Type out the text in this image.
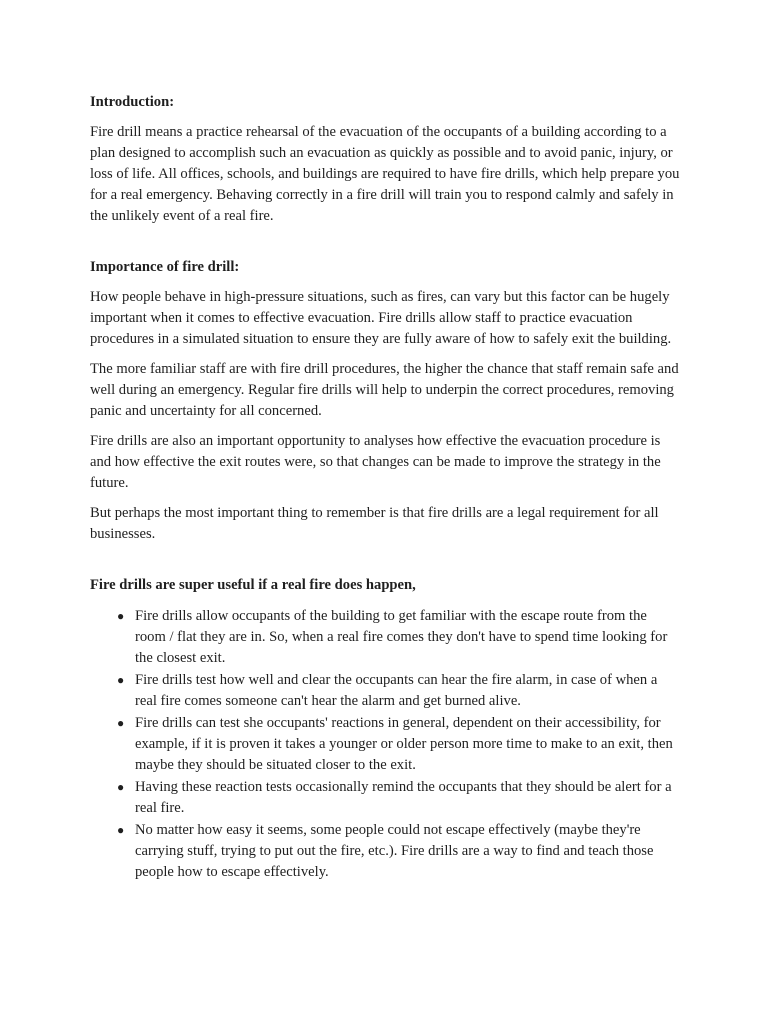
Introduction:

Fire drill means a practice rehearsal of the evacuation of the occupants of a building according to a plan designed to accomplish such an evacuation as quickly as possible and to avoid panic, injury, or loss of life. All offices, schools, and buildings are required to have fire drills, which help prepare you for a real emergency. Behaving correctly in a fire drill will train you to respond calmly and safely in the unlikely event of a real fire.

Importance of fire drill:

How people behave in high-pressure situations, such as fires, can vary but this factor can be hugely important when it comes to effective evacuation. Fire drills allow staff to practice evacuation procedures in a simulated situation to ensure they are fully aware of how to safely exit the building.

The more familiar staff are with fire drill procedures, the higher the chance that staff remain safe and well during an emergency. Regular fire drills will help to underpin the correct procedures, removing panic and uncertainty for all concerned.

Fire drills are also an important opportunity to analyses how effective the evacuation procedure is and how effective the exit routes were, so that changes can be made to improve the strategy in the future.

But perhaps the most important thing to remember is that fire drills are a legal requirement for all businesses.

Fire drills are super useful if a real fire does happen,
● Fire drills allow occupants of the building to get familiar with the escape route from the room / flat they are in. So, when a real fire comes they don't have to spend time looking for the closest exit.
● Fire drills test how well and clear the occupants can hear the fire alarm, in case of when a real fire comes someone can't hear the alarm and get burned alive.
● Fire drills can test she occupants' reactions in general, dependent on their accessibility, for example, if it is proven it takes a younger or older person more time to make to an exit, then maybe they should be situated closer to the exit.
● Having these reaction tests occasionally remind the occupants that they should be alert for a real fire.
● No matter how easy it seems, some people could not escape effectively (maybe they're carrying stuff, trying to put out the fire, etc.). Fire drills are a way to find and teach those people how to escape effectively.
